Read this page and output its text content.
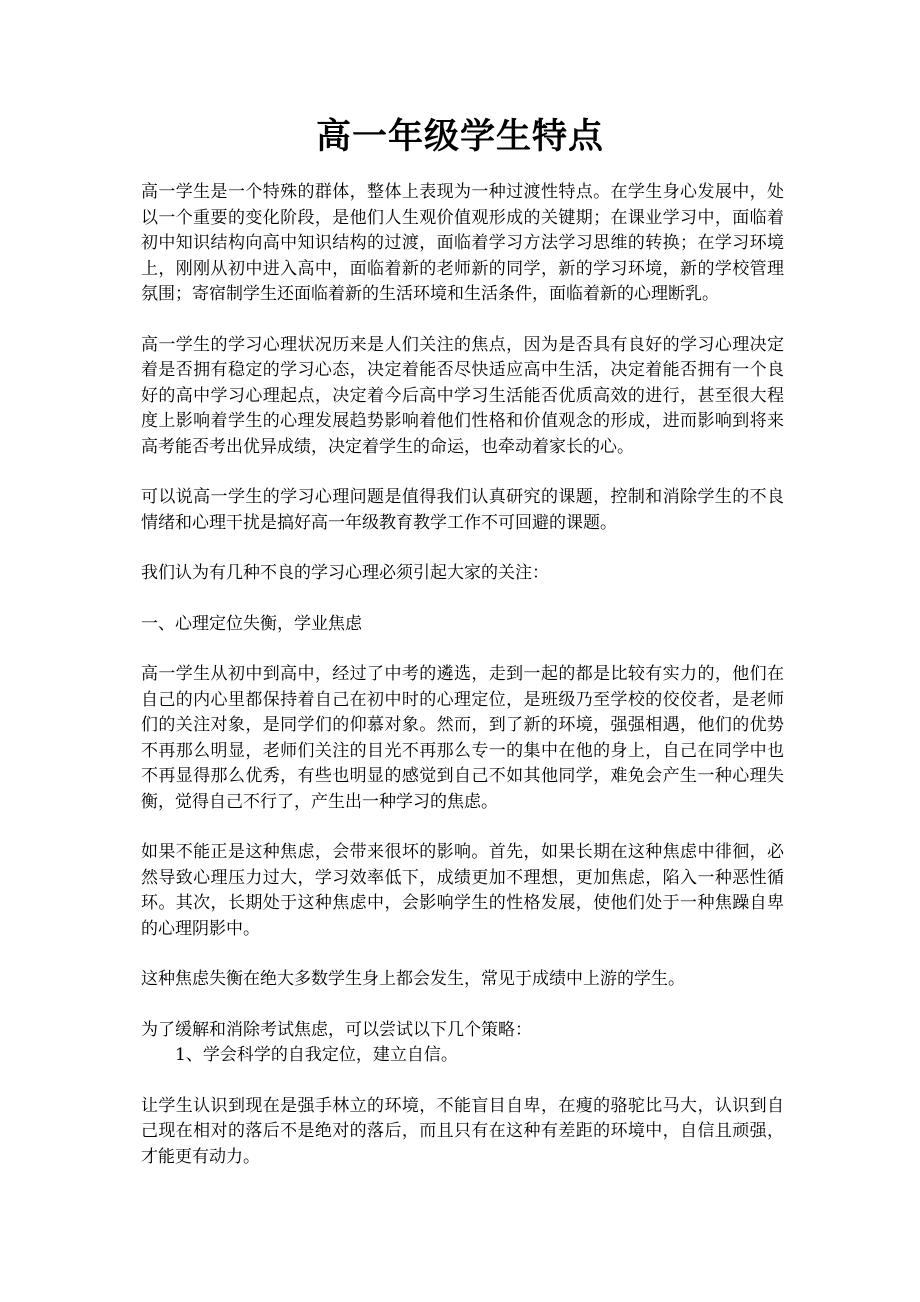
高一年级学生特点

高一学生是一个特殊的群体，整体上表现为一种过渡性特点。在学生身心发展中，处以一个重要的变化阶段，是他们人生观价值观形成的关键期；在课业学习中，面临着初中知识结构向高中知识结构的过渡，面临着学习方法学习思维的转换；在学习环境上，刚刚从初中进入高中，面临着新的老师新的同学，新的学习环境，新的学校管理氛围；寄宿制学生还面临着新的生活环境和生活条件，面临着新的心理断乳。

高一学生的学习心理状况历来是人们关注的焦点，因为是否具有良好的学习心理决定着是否拥有稳定的学习心态，决定着能否尽快适应高中生活，决定着能否拥有一个良好的高中学习心理起点，决定着今后高中学习生活能否优质高效的进行，甚至很大程度上影响着学生的心理发展趋势影响着他们性格和价值观念的形成，进而影响到将来高考能否考出优异成绩，决定着学生的命运，也牵动着家长的心。

可以说高一学生的学习心理问题是值得我们认真研究的课题，控制和消除学生的不良情绪和心理干扰是搞好高一年级教育教学工作不可回避的课题。

我们认为有几种不良的学习心理必须引起大家的关注：

一、心理定位失衡，学业焦虑

高一学生从初中到高中，经过了中考的遴选，走到一起的都是比较有实力的，他们在自己的内心里都保持着自己在初中时的心理定位，是班级乃至学校的佼佼者，是老师们的关注对象，是同学们的仰慕对象。然而，到了新的环境，强强相遇，他们的优势不再那么明显，老师们关注的目光不再那么专一的集中在他的身上，自己在同学中也不再显得那么优秀，有些也明显的感觉到自己不如其他同学，难免会产生一种心理失衡，觉得自己不行了，产生出一种学习的焦虑。

如果不能正是这种焦虑，会带来很坏的影响。首先，如果长期在这种焦虑中徘徊，必然导致心理压力过大，学习效率低下，成绩更加不理想，更加焦虑，陷入一种恶性循环。其次，长期处于这种焦虑中，会影响学生的性格发展，使他们处于一种焦躁自卑的心理阴影中。

这种焦虑失衡在绝大多数学生身上都会发生，常见于成绩中上游的学生。

为了缓解和消除考试焦虑，可以尝试以下几个策略：

1、学会科学的自我定位，建立自信。

让学生认识到现在是强手林立的环境，不能盲目自卑，在瘦的骆驼比马大，认识到自己现在相对的落后不是绝对的落后，而且只有在这种有差距的环境中，自信且顽强，才能更有动力。
